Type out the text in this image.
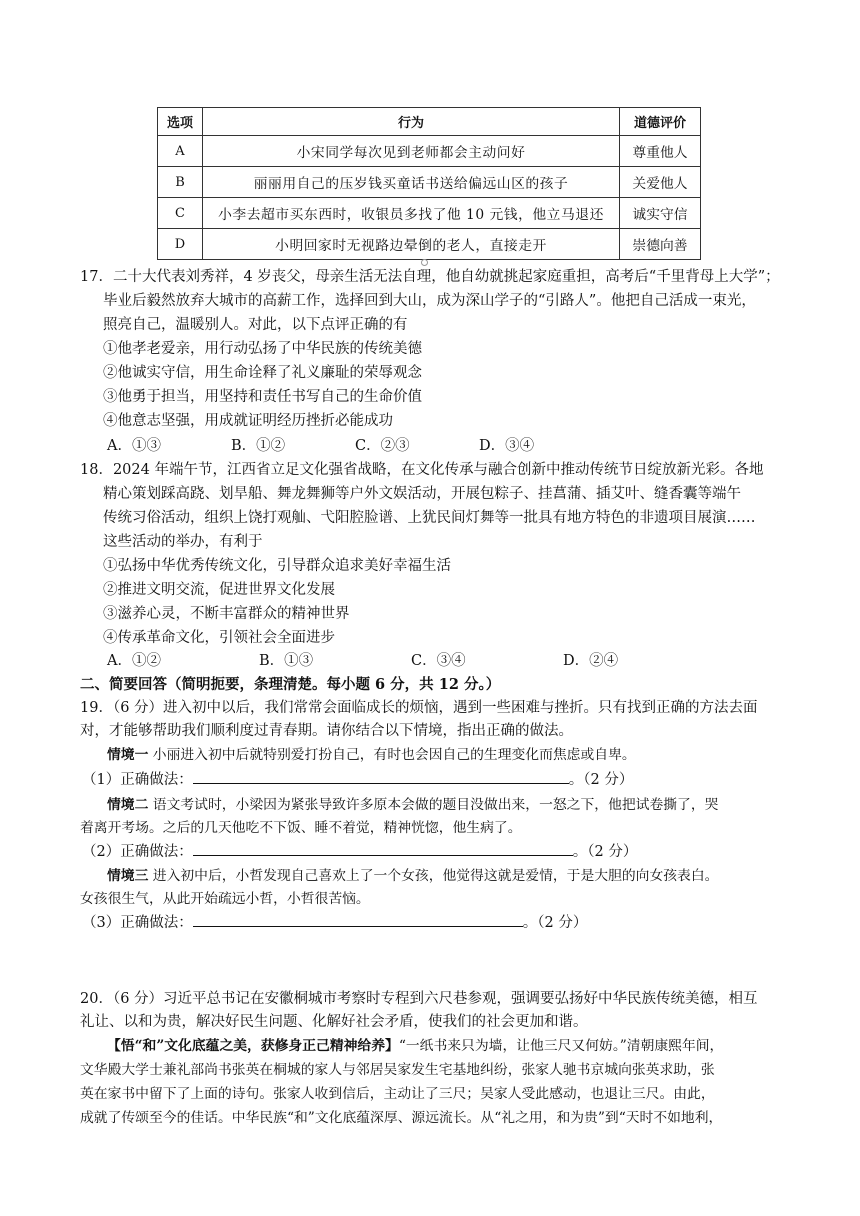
选项	行为	道德评价
A	小宋同学每次见到老师都会主动问好	尊重他人
B	丽丽用自己的压岁钱买童话书送给偏远山区的孩子	关爱他人
C	小李去超市买东西时，收银员多找了他 10 元钱，他立马退还	诚实守信
D	小明回家时无视路边晕倒的老人，直接走开	崇德向善
17．二十大代表刘秀祥，4 岁丧父，母亲生活无法自理，他自幼就挑起家庭重担，高考后“千里背母上大学”；
毕业后毅然放弃大城市的高薪工作，选择回到大山，成为深山学子的“引路人”。他把自己活成一束光，
照亮自己，温暖别人。对此，以下点评正确的有
①他孝老爱亲，用行动弘扬了中华民族的传统美德
②他诚实守信，用生命诠释了礼义廉耻的荣辱观念
③他勇于担当，用坚持和责任书写自己的生命价值
④他意志坚强，用成就证明经历挫折必能成功
A．①③	B．①②	C．②③	D．③④
18．2024 年端午节，江西省立足文化强省战略，在文化传承与融合创新中推动传统节日绽放新光彩。各地
精心策划踩高跷、划旱船、舞龙舞狮等户外文娱活动，开展包粽子、挂菖蒲、插艾叶、缝香囊等端午
传统习俗活动，组织上饶打观舢、弋阳腔脸谱、上犹民间灯舞等一批具有地方特色的非遗项目展演……
这些活动的举办，有利于
①弘扬中华优秀传统文化，引导群众追求美好幸福生活
②推进文明交流，促进世界文化发展
③滋养心灵，不断丰富群众的精神世界
④传承革命文化，引领社会全面进步
A．①②	B．①③	C．③④	D．②④
二、简要回答（简明扼要，条理清楚。每小题 6 分，共 12 分。）
19．（6 分）进入初中以后，我们常常会面临成长的烦恼，遇到一些困难与挫折。只有找到正确的方法去面
对，才能够帮助我们顺利度过青春期。请你结合以下情境，指出正确的做法。
情境一 小丽进入初中后就特别爱打扮自己，有时也会因自己的生理变化而焦虑或自卑。
（1）正确做法：	。（2 分）
情境二 语文考试时，小梁因为紧张导致许多原本会做的题目没做出来，一怒之下，他把试卷撕了，哭
着离开考场。之后的几天他吃不下饭、睡不着觉，精神恍惚，他生病了。
（2）正确做法：	。（2 分）
情境三 进入初中后，小哲发现自己喜欢上了一个女孩，他觉得这就是爱情，于是大胆的向女孩表白。
女孩很生气，从此开始疏远小哲，小哲很苦恼。
（3）正确做法：	。（2 分）
20．（6 分）习近平总书记在安徽桐城市考察时专程到六尺巷参观，强调要弘扬好中华民族传统美德，相互
礼让、以和为贵，解决好民生问题、化解好社会矛盾，使我们的社会更加和谐。
【悟“和”文化底蕴之美，获修身正己精神给养】“一纸书来只为墙，让他三尺又何妨。”清朝康熙年间，
文华殿大学士兼礼部尚书张英在桐城的家人与邻居吴家发生宅基地纠纷，张家人驰书京城向张英求助，张
英在家书中留下了上面的诗句。张家人收到信后，主动让了三尺；吴家人受此感动，也退让三尺。由此，
成就了传颂至今的佳话。中华民族“和”文化底蕴深厚、源远流长。从“礼之用，和为贵”到“天时不如地利，
